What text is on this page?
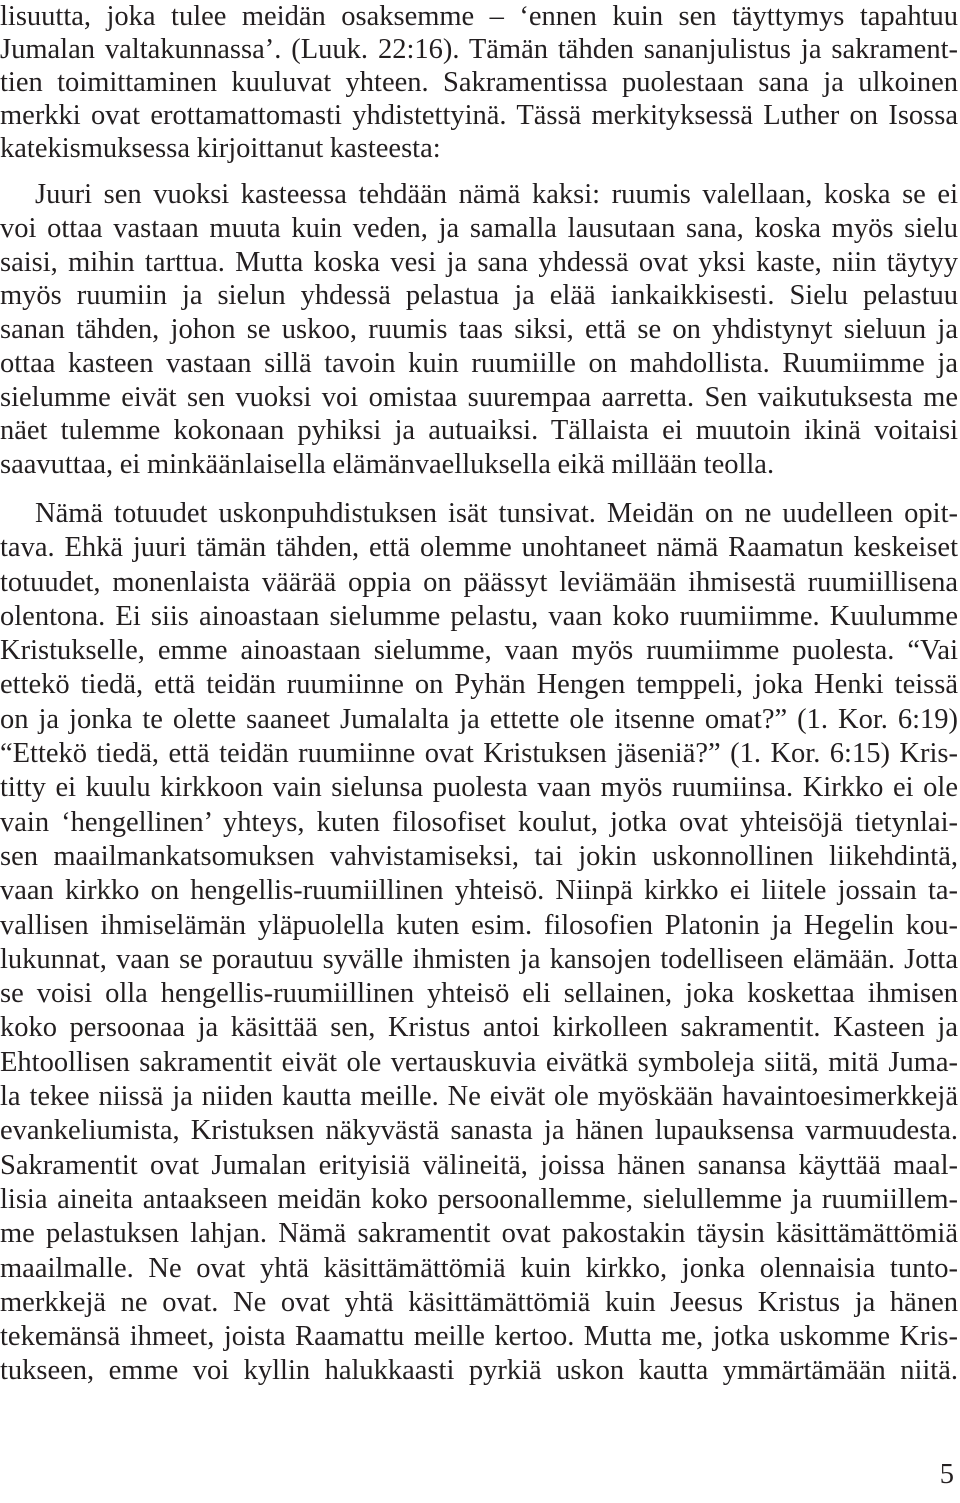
lisuutta, joka tulee meidän osaksemme – ‘ennen kuin sen täyttymys tapahtuu
Jumalan valtakunnassa’. (Luuk. 22:16). Tämän tähden sananjulistus ja sakrament-
tien toimittaminen kuuluvat yhteen. Sakramentissa puolestaan sana ja ulkoinen
merkki ovat erottamattomasti yhdistettyinä. Tässä merkityksessä Luther on Isossa
katekismuksessa kirjoittanut kasteesta:
Juuri sen vuoksi kasteessa tehdään nämä kaksi: ruumis valellaan, koska se ei
voi ottaa vastaan muuta kuin veden, ja samalla lausutaan sana, koska myös sielu
saisi, mihin tarttua. Mutta koska vesi ja sana yhdessä ovat yksi kaste, niin täytyy
myös ruumiin ja sielun yhdessä pelastua ja elää iankaikkisesti. Sielu pelastuu
sanan tähden, johon se uskoo, ruumis taas siksi, että se on yhdistynyt sieluun ja
ottaa kasteen vastaan sillä tavoin kuin ruumiille on mahdollista. Ruumiimme ja
sielumme eivät sen vuoksi voi omistaa suurempaa aarretta. Sen vaikutuksesta me
näet tulemme kokonaan pyhiksi ja autuaiksi. Tällaista ei muutoin ikinä voitaisi
saavuttaa, ei minkäänlaisella elämänvaelluksella eikä millään teolla.
Nämä totuudet uskonpuhdistuksen isät tunsivat. Meidän on ne uudelleen opit-
tava. Ehkä juuri tämän tähden, että olemme unohtaneet nämä Raamatun keskeiset
totuudet, monenlaista väärää oppia on päässyt leviämään ihmisestä ruumiillisena
olentona. Ei siis ainoastaan sielumme pelastu, vaan koko ruumiimme. Kuulumme
Kristukselle, emme ainoastaan sielumme, vaan myös ruumiimme puolesta. “Vai
ettekö tiedä, että teidän ruumiinne on Pyhän Hengen temppeli, joka Henki teissä
on ja jonka te olette saaneet Jumalalta ja ettette ole itsenne omat?” (1. Kor. 6:19)
“Ettekö tiedä, että teidän ruumiinne ovat Kristuksen jäseniä?” (1. Kor. 6:15) Kris-
titty ei kuulu kirkkoon vain sielunsa puolesta vaan myös ruumiinsa. Kirkko ei ole
vain ‘hengellinen’ yhteys, kuten filosofiset koulut, jotka ovat yhteisöjä tietynlai-
sen maailmankatsomuksen vahvistamiseksi, tai jokin uskonnollinen liikehdintä,
vaan kirkko on hengellis-ruumiillinen yhteisö. Niinpä kirkko ei liitele jossain ta-
vallisen ihmiselämän yläpuolella kuten esim. filosofien Platonin ja Hegelin kou-
lukunnat, vaan se porautuu syvälle ihmisten ja kansojen todelliseen elämään. Jotta
se voisi olla hengellis-ruumiillinen yhteisö eli sellainen, joka koskettaa ihmisen
koko persoonaa ja käsittää sen, Kristus antoi kirkolleen sakramentit. Kasteen ja
Ehtoollisen sakramentit eivät ole vertauskuvia eivätkä symboleja siitä, mitä Juma-
la tekee niissä ja niiden kautta meille. Ne eivät ole myöskään havaintoesimerkkejä
evankeliumista, Kristuksen näkyvästä sanasta ja hänen lupauksensa varmuudesta.
Sakramentit ovat Jumalan erityisiä välineitä, joissa hänen sanansa käyttää maal-
lisia aineita antaakseen meidän koko persoonallemme, sielullemme ja ruumiillem-
me pelastuksen lahjan. Nämä sakramentit ovat pakostakin täysin käsittämättömiä
maailmalle. Ne ovat yhtä käsittämättömiä kuin kirkko, jonka olennaisia tunto-
merkkejä ne ovat. Ne ovat yhtä käsittämättömiä kuin Jeesus Kristus ja hänen
tekemänsä ihmeet, joista Raamattu meille kertoo. Mutta me, jotka uskomme Kris-
tukseen, emme voi kyllin halukkaasti pyrkiä uskon kautta ymmärtämään niitä.
5
